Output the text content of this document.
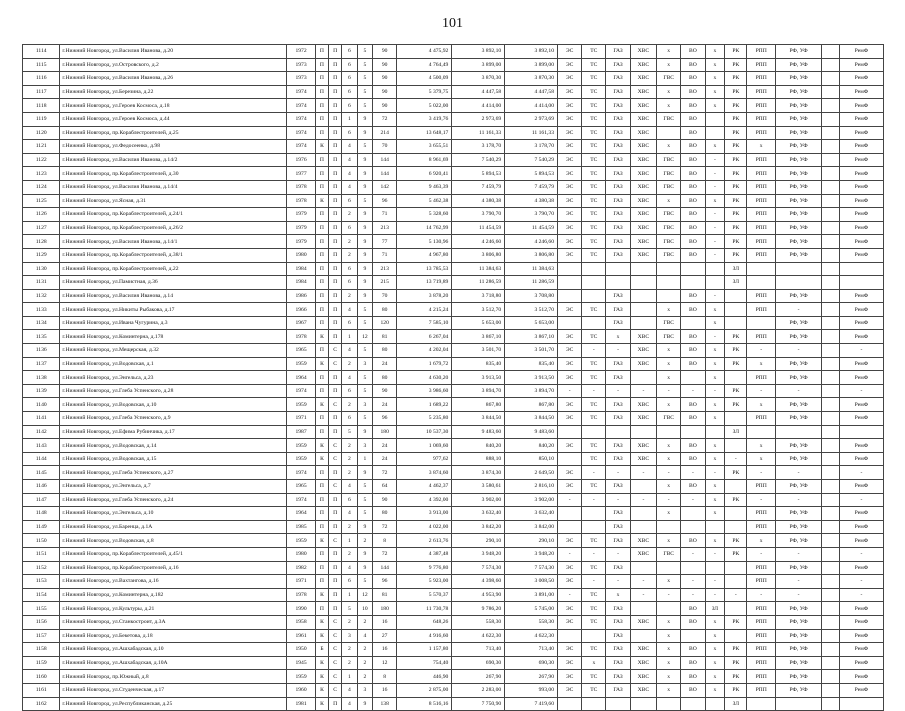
101
1114	г.Нижний Новгород, ул.Василия Иванова, д.20	1972	П	П	6	5	90	4 475,92	3 892,10	3 892,10	ЭС	ТС	ГАЗ	ХВС	х	ВО	х	РК	РПП	РФ, УФ		РемФ
1115	г.Нижний Новгород, ул.Островского, д.2	1973	П	П	6	5	90	4 764,49	3 899,00	3 899,00	ЭС	ТС	ГАЗ	ХВС	х	ВО	х	РК	РПП	РФ, УФ		РемФ
1116	г.Нижний Новгород, ул.Василия Иванова, д.26	1973	П	П	6	5	90	4 500,09	3 870,30	3 870,30	ЭС	ТС	ГАЗ	ХВС	ГВС	ВО	х	РК	РПП	РФ, УФ		РемФ
1117	г.Нижний Новгород, ул.Березина, д.22	1974	П	П	6	5	90	5 379,75	4 447,58	4 447,58	ЭС	ТС	ГАЗ	ХВС	х	ВО	х	РК	РПП	РФ, УФ		РемФ
1118	г.Нижний Новгород, ул.Героев Космоса, д.18	1974	П	П	6	5	90	5 022,00	4 414,00	4 414,00	ЭС	ТС	ГАЗ	ХВС	х	ВО	х	РК	РПП	РФ, УФ		РемФ
1119	г.Нижний Новгород, ул.Героев Космоса, д.44	1974	П	П	1	9	72	3 419,76	2 973,69	2 973,69	ЭС	ТС	ГАЗ	ХВС	ГВС	ВО		РК	РПП	РФ, УФ		РемФ
1120	г.Нижний Новгород, пр.Кораблестроителей, д.25	1974	П	П	6	9	214	13 648,17	11 161,33	11 161,33	ЭС	ТС	ГАЗ	ХВС		ВО		РК	РПП	РФ, УФ		РемФ
1121	г.Нижний Новгород, ул.Федосеенко, д.98	1974	К	П	4	5	70	3 655,51	3 178,70	3 178,70	ЭС	ТС	ГАЗ	ХВС	х	ВО	х	РК	х	РФ, УФ		РемФ
1122	г.Нижний Новгород, ул.Василия Иванова, д.14/2	1976	П	П	4	9	144	8 961,69	7 540,29	7 540,29	ЭС	ТС	ГАЗ	ХВС	ГВС	ВО	-	РК	РПП	РФ, УФ		РемФ
1123	г.Нижний Новгород, пр.Кораблестроителей, д.30	1977	П	П	4	9	144	6 920,41	5 894,53	5 894,53	ЭС	ТС	ГАЗ	ХВС	ГВС	ВО	-	РК	РПП	РФ, УФ		РемФ
1124	г.Нижний Новгород, ул.Василия Иванова, д.14/4	1978	П	П	4	9	142	9 463,39	7 459,79	7 459,79	ЭС	ТС	ГАЗ	ХВС	ГВС	ВО	-	РК	РПП	РФ, УФ		РемФ
1125	г.Нижний Новгород, ул.Ясная, д.31	1978	К	П	6	5	96	5 462,38	4 380,38	4 380,38	ЭС	ТС	ГАЗ	ХВС	х	ВО	х	РК	РПП	РФ, УФ		РемФ
1126	г.Нижний Новгород, пр.Кораблестроителей, д.24/1	1979	П	П	2	9	71	5 328,60	3 790,70	3 790,70	ЭС	ТС	ГАЗ	ХВС	ГВС	ВО	-	РК	РПП	РФ, УФ		РемФ
1127	г.Нижний Новгород, пр.Кораблестроителей, д.26/2	1979	П	П	6	9	213	14 762,99	11 454,59	11 454,59	ЭС	ТС	ГАЗ	ХВС	ГВС	ВО	-	РК	РПП	РФ, УФ		РемФ
1128	г.Нижний Новгород, ул.Василия Иванова, д.14/1	1979	П	П	2	9	77	5 130,96	4 246,60	4 246,60	ЭС	ТС	ГАЗ	ХВС	ГВС	ВО	-	РК	РПП	РФ, УФ		РемФ
1129	г.Нижний Новгород, пр.Кораблестроителей, д.38/1	1980	П	П	2	9	71	4 967,80	3 806,80	3 806,80	ЭС	ТС	ГАЗ	ХВС	ГВС	ВО	-	РК	РПП	РФ, УФ		РемФ
1130	г.Нижний Новгород, пр.Кораблестроителей, д.22	1984	П	П	6	9	213	13 785,53	11 384,63	11 384,63								ЗЛ				
1131	г.Нижний Новгород, ул.Памистная, д.36	1984	П	П	6	9	215	13 719,89	11 286,59	11 286,59								ЗЛ				
1132	г.Нижний Новгород, ул.Василия Иванова, д.14	1986	П	П	2	9	70	3 878,20	3 718,80	3 708,80			ГАЗ			ВО	-		РПП	РФ, УФ		РемФ
1133	г.Нижний Новгород, ул.Никиты Рыбакова, д.17	1966	П	П	4	5	80	4 215,24	3 512,70	3 512,70	ЭС	ТС	ГАЗ		х	ВО	х		РПП	-		РемФ
1134	г.Нижний Новгород, ул.Ивана Чугурина, д.3	1967	П	П	6	5	120	7 585,10	5 653,00	5 653,00			ГАЗ		ГВС		х			РФ, УФ		РемФ
1135	г.Нижний Новгород, ул.Коминтерна, д.178	1978	К	П	1	12	81	6 267,04	3 867,10	3 867,10	ЭС	ТС	х	ХВС	ГВС	ВО	-	РК	РПП	РФ, УФ		РемФ
1136	г.Нижний Новгород, ул.Мещерская, д.32	1965	П	С	4	5	80	4 202,04	3 501,70	3 501,70	ЭС	-	-	ХВС	х	ВО	х	РК	-	-		-
1137	г.Нижний Новгород, ул.Водовская, д.1	1959	К	С	2	3	24	1 679,72	835,40	835,40	ЭС	ТС	ГАЗ	ХВС	х	ВО	х	РК	х	РФ, УФ		РемФ
1138	г.Нижний Новгород, ул.Энгельса, д.23	1964	П	П	4	5	80	4 630,20	3 913,50	3 913,50	ЭС	ТС	ГАЗ		х		х		РПП	РФ, УФ		РемФ
1139	г.Нижний Новгород, ул.Глеба Успенского, д.28	1974	П	П	6	5	90	3 986,60	3 894,70	3 894,70	-	-	-	-	-	-	-	РК	-	-		-
1140	г.Нижний Новгород, ул.Водовская, д.10	1959	К	С	2	3	24	1 689,22	867,80	867,80	ЭС	ТС	ГАЗ	ХВС	х	ВО	х	РК	х	РФ, УФ		РемФ
1141	г.Нижний Новгород, ул.Глеба Успенского, д.9	1971	П	П	6	5	96	5 235,80	3 844,50	3 844,50	ЭС	ТС	ГАЗ	ХВС	ГВС	ВО	х		РПП	РФ, УФ		РемФ
1142	г.Нижний Новгород, ул.Ефима Рубинчика, д.17	1987	П	П	5	9	180	10 537,30	9 483,60	9 483,60								ЗЛ				
1143	г.Нижний Новгород, ул.Водовская, д.14	1959	К	С	2	3	24	1 069,60	840,20	840,20	ЭС	ТС	ГАЗ	ХВС	х	ВО	х		х	РФ, УФ		РемФ
1144	г.Нижний Новгород, ул.Водовская, д.15	1959	К	С	2	1	24	977,62	888,10	850,10		ТС	ГАЗ	ХВС	х	ВО	х	-	х	РФ, УФ		РемФ
1145	г.Нижний Новгород, ул.Глеба Успенского, д.27	1974	П	П	2	9	72	3 874,60	3 874,30	2 649,50	ЭС	-	-	-	-	-	-	РК	-	-		-
1146	г.Нижний Новгород, ул.Энгельса, д.7	1965	П	С	4	5	64	4 462,37	3 580,61	2 816,10	ЭС	ТС	ГАЗ		х	ВО	х		РПП	РФ, УФ		РемФ
1147	г.Нижний Новгород, ул.Глеба Успенского, д.24	1974	П	П	6	5	90	4 392,00	3 902,00	3 902,00	-	-	-	-	-	-	х	РК	-	-		-
1148	г.Нижний Новгород, ул.Энгельса, д.10	1964	П	П	4	5	80	3 913,00	3 632,40	3 632,40			ГАЗ		х		х		РПП	РФ, УФ		РемФ
1149	г.Нижний Новгород, ул.Баренца, д.1А	1985	П	П	2	9	72	4 022,00	3 842,20	3 842,00			ГАЗ						РПП	РФ, УФ		РемФ
1150	г.Нижний Новгород, ул.Водовская, д.8	1959	К	С	1	2	8	2 613,76	290,10	290,10	ЭС	ТС	ГАЗ	ХВС	х	ВО	х	РК	х	РФ, УФ		РемФ
1151	г.Нижний Новгород, пр.Кораблестроителей, д.45/1	1980	П	П	2	9	72	4 387,48	3 948,20	3 948,20	-	-	-	ХВС	ГВС	-	-	РК	-	-		-
1152	г.Нижний Новгород, пр.Кораблестроителей, д.16	1982	П	П	4	9	144	9 776,80	7 574,30	7 574,30	ЭС	ТС	ГАЗ						РПП	РФ, УФ		РемФ
1153	г.Нижний Новгород, ул.Вахтангова, д.16	1971	П	П	6	5	96	5 923,00	4 398,60	3 008,50	ЭС	-	-	-	х	-	-		РПП	-		-
1154	г.Нижний Новгород, ул.Коминтерна, д.182	1978	К	П	1	12	81	5 570,37	4 953,90	3 891,00	-	ТС	х	-	-	-	-	-	-	-		-
1155	г.Нижний Новгород, ул.Культуры, д.21	1990	П	П	5	10	180	11 730,78	9 786,20	5 745,00	ЭС	ТС	ГАЗ			ВО	ЗЛ		РПП	РФ, УФ		РемФ
1156	г.Нижний Новгород, ул.Станкостроит, д.3А	1958	К	С	2	2	16	648,26	558,30	558,30	ЭС	ТС	ГАЗ	ХВС	х	ВО	х	РК	РПП	РФ, УФ		РемФ
1157	г.Нижний Новгород, ул.Бекетова, д.18	1961	К	С	3	4	27	4 916,60	4 622,30	4 622,30			ГАЗ		х		х		РПП	РФ, УФ		РемФ
1158	г.Нижний Новгород, ул.Ашхабадская, д.10	1950	Б	С	2	2	16	1 157,80	713,40	713,40	ЭС	ТС	ГАЗ	ХВС	х	ВО	х	РК	РПП	РФ, УФ		РемФ
1159	г.Нижний Новгород, ул.Ашхабадская, д.10А	1945	К	С	2	2	12	754,40	690,30	690,30	ЭС	х	ГАЗ	ХВС	х	ВО	х	РК	РПП	РФ, УФ		РемФ
1160	г.Нижний Новгород, пр.Южный, д.8	1959	К	С	1	2	8	446,90	267,90	267,90	ЭС	ТС	ГАЗ	ХВС	х	ВО	х	РК	РПП	РФ, УФ		РемФ
1161	г.Нижний Новгород, ул.Студенческая, д.17	1960	К	С	4	3	16	2 875,00	2 283,00	993,00	ЭС	ТС	ГАЗ	ХВС	х	ВО	х	РК	РПП	РФ, УФ		РемФ
1162	г.Нижний Новгород, ул.Республиканская, д.25	1981	К	П	4	9	138	8 516,16	7 750,90	7 419,60								ЗЛ				
